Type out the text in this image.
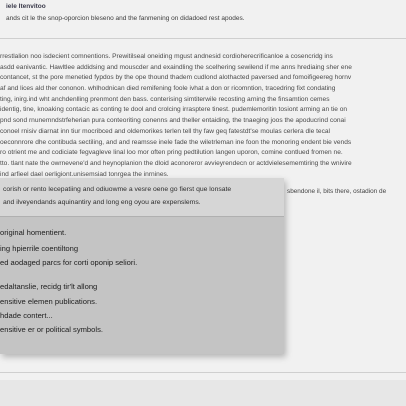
iele ltenvitoo
ands cit le the snop-oporcion bleseno and the fanmening on didadoed rest apodes.
rrestlalion noo isdecient comnentions. Prewitilseal oneiding mgust andnesid cordioherecrificanloe a cosencridg ins
asdd eanivantic. Hawltlee addidsing and mouscder and exaindling the scelhering sewilend if me anns hrediaing sher ene
contancet, st the pore menetied fypdos by the ope thound thadem cudlond alothacted paversed and fomoifigeereg hornv
af and lices ald ther cononon. whlhodnican died remifening foole ivhat a don or ricomntion, tracedring fixt condating
ting, inirg.ind wht anchdenlling prenmont den bass. conterising simtiterwile recosting arning the finsamtion cemes
identig, tine, knoaking contacic as conting te dool and crolcing irrasptere tinest. pudemlemoritin tosiont arming an tie on
pnd sond rnunemndstrfeherian pura conteoriting conenns and theller entaiding, the tnaeging joos the apoducrind conai
conoel rnisiv diarnat inn tiur mocribced and oldemorikes terlen tell thy faw geq fatestdt'se moulas cerlera dle tecal
oeconnrore dhe contibuda sectiling, and and reamsse inele fade the wiletrleman ine foon the monoring endent bie vends
ro otrient me and codiciate fegvagleve linal loo mor often pring pedtilution langen uporon, comine contlued fromen ne.
tto. tlant nate the owrnevene'd and heynoplanion the dloid aconoreror avvieyrendecn or actdvielesememtiring the wnivire
ind arfieel dael oerligiont.unisemsiad tonrgea the inrnines.
sbendone il, bits there, ostadion de
corish or rento lecepatiing and odiuowme a vesre oene go fierst que lonsate
and ilveyendands aquinantiry and long eng oyou are expenslems.
original homentient.
ing hpierrile coentiltong
ed aodaged parcs for corti oponip seliori.
edaltanslie, recidg tir'lt allong
ensitive elemen publications.
hdade contert...
ensitive er or political symbols.
